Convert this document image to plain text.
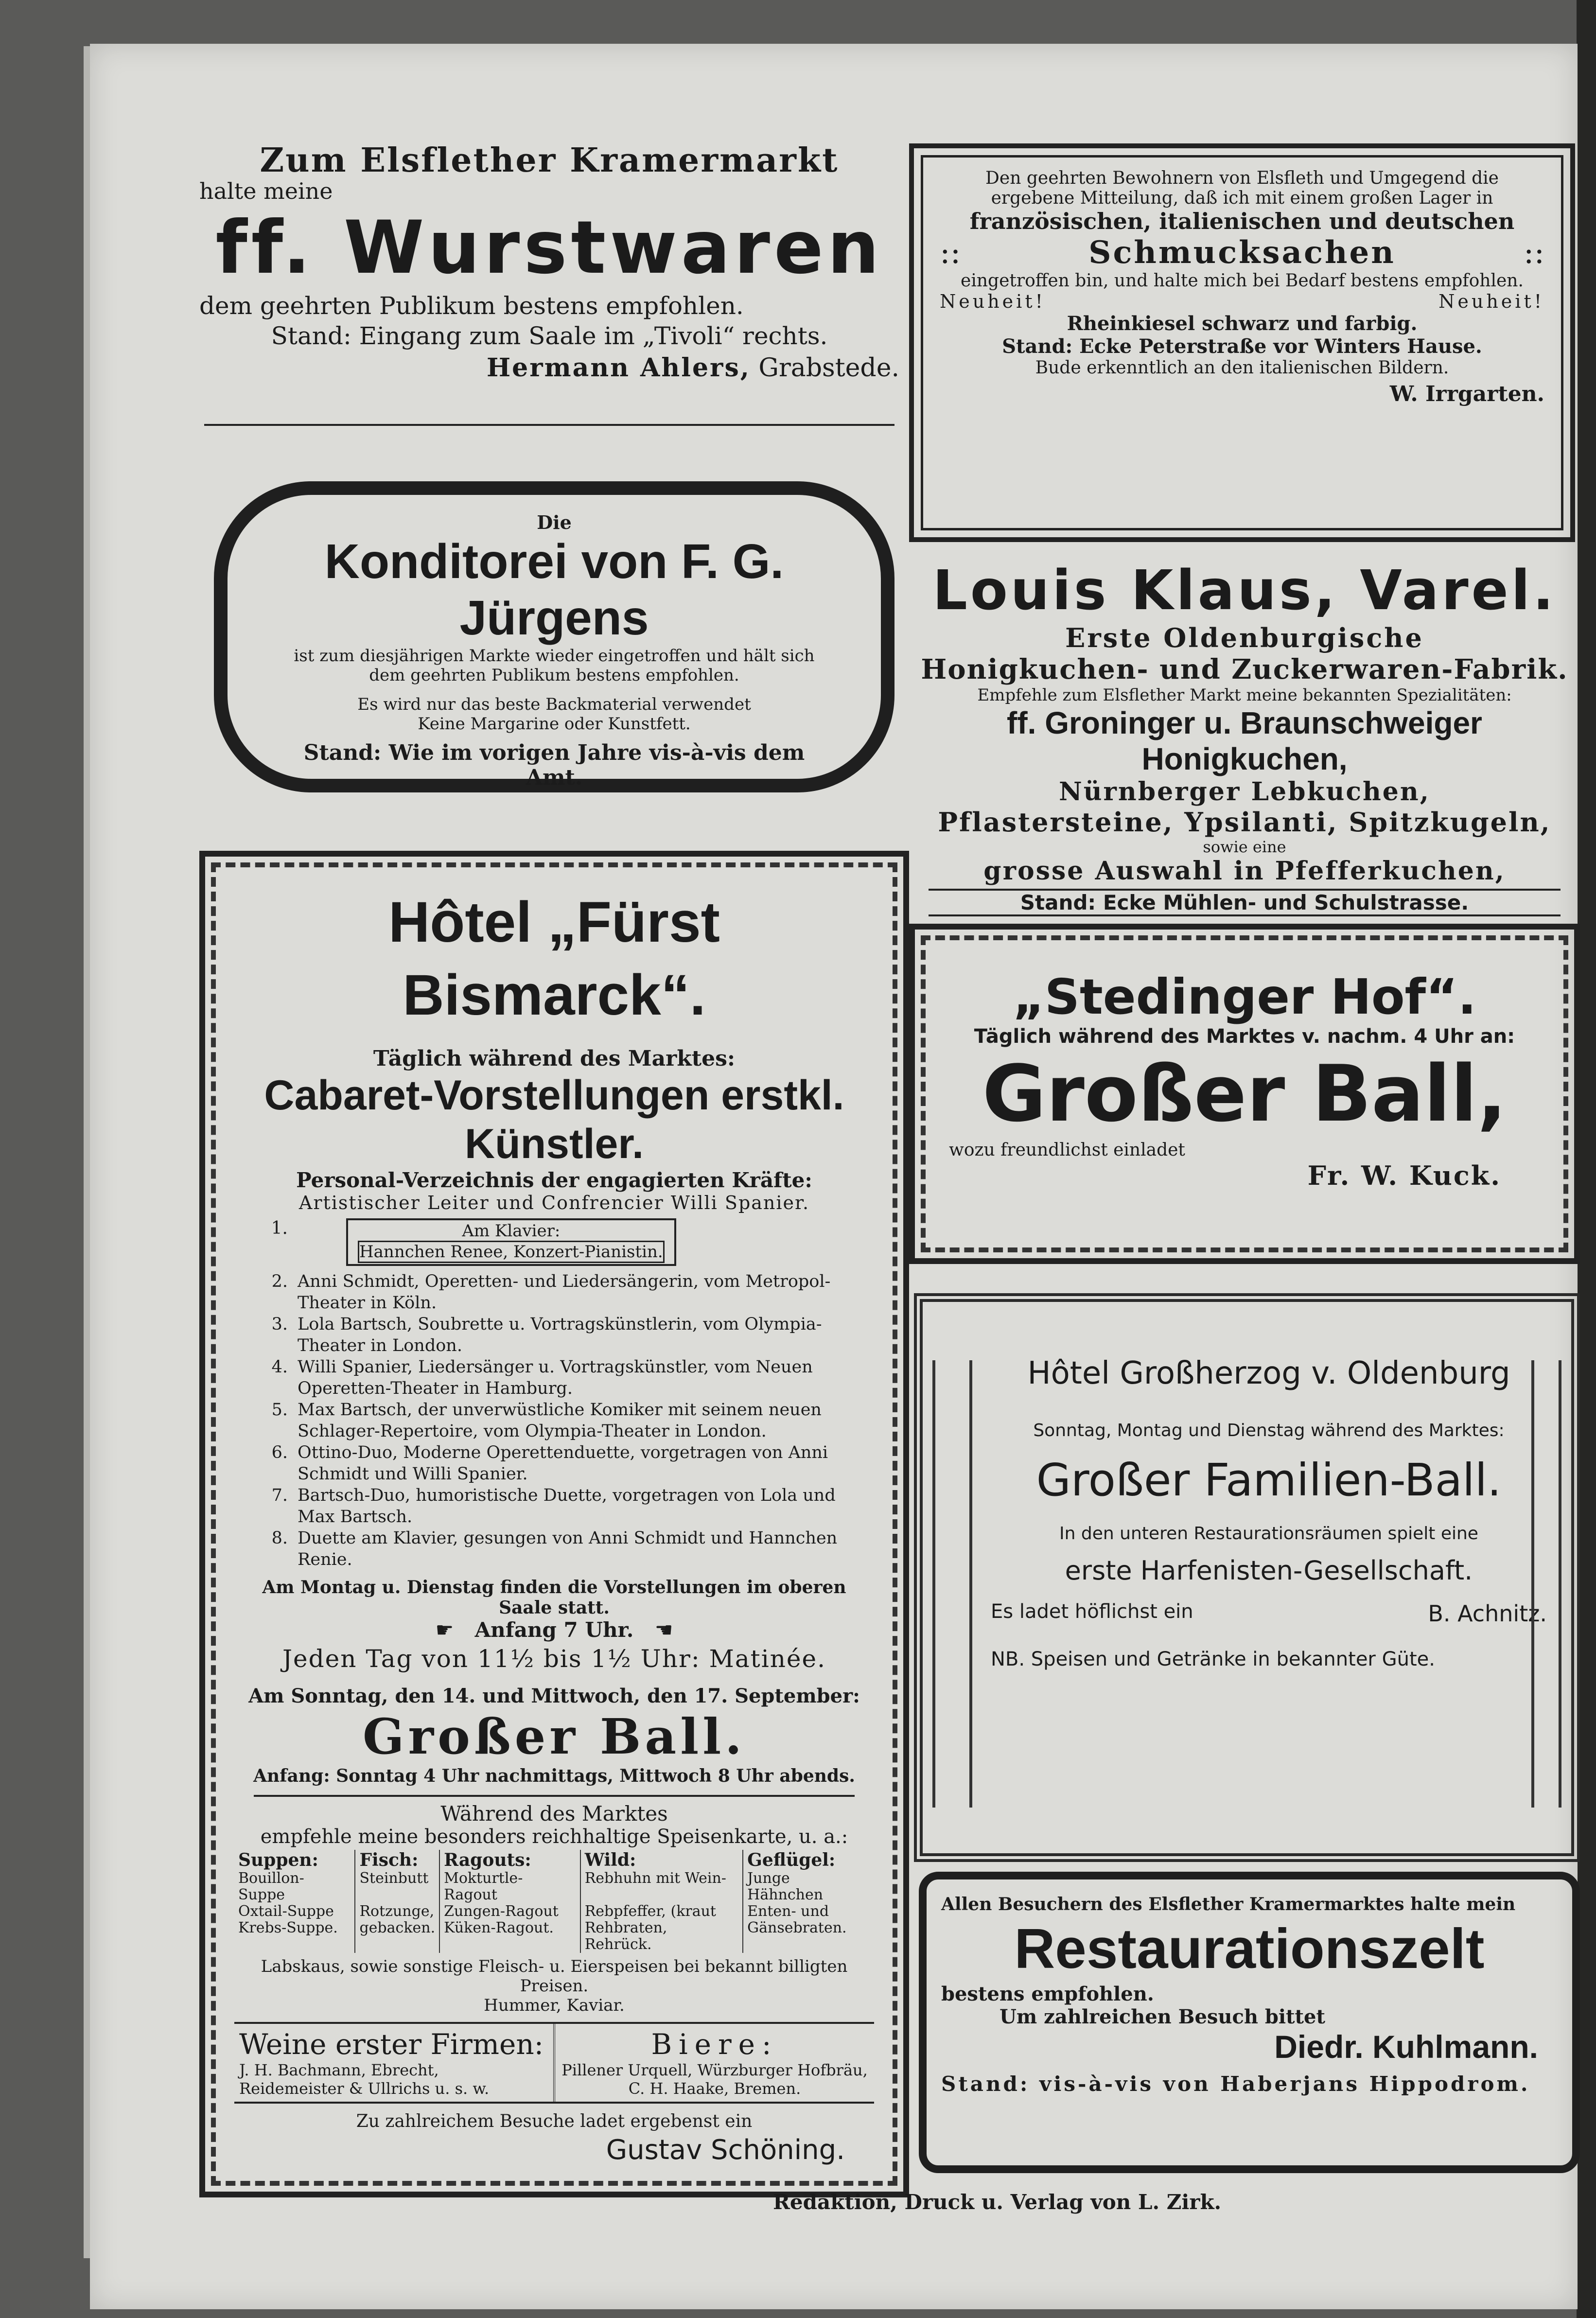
Zum Elsflether Kramermarkt
halte meine
ff. Wurstwaren
dem geehrten Publikum bestens empfohlen.
Stand: Eingang zum Saale im „Tivoli“ rechts.
Hermann Ahlers, Grabstede.
Den geehrten Bewohnern von Elsfleth und Umgegend die
ergebene Mitteilung, daß ich mit einem großen Lager in
französischen, italienischen und deutschen
::	Schmucksachen	::
eingetroffen bin, und halte mich bei Bedarf bestens empfohlen.
Neuheit!	Neuheit!
Rheinkiesel schwarz und farbig.
Stand: Ecke Peterstraße vor Winters Hause.
Bude erkenntlich an den italienischen Bildern.
W. Irrgarten.
Die
Konditorei von F. G. Jürgens
ist zum diesjährigen Markte wieder eingetroffen und hält sich
dem geehrten Publikum bestens empfohlen.
Es wird nur das beste Backmaterial verwendet
Keine Margarine oder Kunstfett.
Stand: Wie im vorigen Jahre vis-à-vis dem Amt.
Louis Klaus, Varel.
Erste Oldenburgische
Honigkuchen- und Zuckerwaren-Fabrik.
Empfehle zum Elsflether Markt meine bekannten Spezialitäten:
ff. Groninger u. Braunschweiger Honigkuchen,
Nürnberger Lebkuchen,
Pflastersteine, Ypsilanti, Spitzkugeln,
sowie eine
grosse Auswahl in Pfefferkuchen,
Stand: Ecke Mühlen- und Schulstrasse.
Hôtel „Fürst Bismarck“.
Täglich während des Marktes:
Cabaret-Vorstellungen erstkl. Künstler.
Personal-Verzeichnis der engagierten Kräfte:
Artistischer Leiter und Confrencier Willi Spanier.
1.	Am Klavier:
Hannchen Renee, Konzert-Pianistin.
2. Anni Schmidt, Operetten- und Liedersängerin, vom Metropol-Theater in Köln.
3. Lola Bartsch, Soubrette u. Vortragskünstlerin, vom Olympia-Theater in London.
4. Willi Spanier, Liedersänger u. Vortragskünstler, vom Neuen Operetten-Theater in Hamburg.
5. Max Bartsch, der unverwüstliche Komiker mit seinem neuen Schlager-Repertoire, vom Olympia-Theater in London.
6. Ottino-Duo, Moderne Operettenduette, vorgetragen von Anni Schmidt und Willi Spanier.
7. Bartsch-Duo, humoristische Duette, vorgetragen von Lola und Max Bartsch.
8. Duette am Klavier, gesungen von Anni Schmidt und Hannchen Renie.
Am Montag u. Dienstag finden die Vorstellungen im oberen Saale statt.
☛ Anfang 7 Uhr. ☚
Jeden Tag von 11½ bis 1½ Uhr: Matinée.
Am Sonntag, den 14. und Mittwoch, den 17. September:
Großer Ball.
Anfang: Sonntag 4 Uhr nachmittags, Mittwoch 8 Uhr abends.
Während des Marktes
empfehle meine besonders reichhaltige Speisenkarte, u. a.:
Suppen:	Fisch:	Ragouts:	Wild:	Geflügel:
Bouillon-Suppe	Steinbutt	Mokturtle-Ragout	Rebhuhn mit Wein-	Junge Hähnchen
Oxtail-Suppe	Rotzunge,	Zungen-Ragout	Rebpfeffer, (kraut	Enten- und
Krebs-Suppe.	gebacken.	Küken-Ragout.	Rehbraten, Rehrück.	Gänsebraten.
Labskaus, sowie sonstige Fleisch- u. Eierspeisen bei bekannt billigten Preisen.
Hummer, Kaviar.
Weine erster Firmen:
J. H. Bachmann, Ebrecht,
Reidemeister & Ullrichs u. s. w.
Biere:
Pillener Urquell, Würzburger Hofbräu,
C. H. Haake, Bremen.
Zu zahlreichem Besuche ladet ergebenst ein
Gustav Schöning.
„Stedinger Hof“.
Täglich während des Marktes v. nachm. 4 Uhr an:
Großer Ball,
wozu freundlichst einladet
Fr. W. Kuck.
Hôtel Großherzog v. Oldenburg
Sonntag, Montag und Dienstag während des Marktes:
Großer Familien-Ball.
In den unteren Restaurationsräumen spielt eine
erste Harfenisten-Gesellschaft.
Es ladet höflichst ein	B. Achnitz.
NB. Speisen und Getränke in bekannter Güte.
Allen Besuchern des Elsflether Kramermarktes halte mein
Restaurationszelt
bestens empfohlen.
Um zahlreichen Besuch bittet
Diedr. Kuhlmann.
Stand: vis-à-vis von Haberjans Hippodrom.
Redaktion, Druck u. Verlag von L. Zirk.
